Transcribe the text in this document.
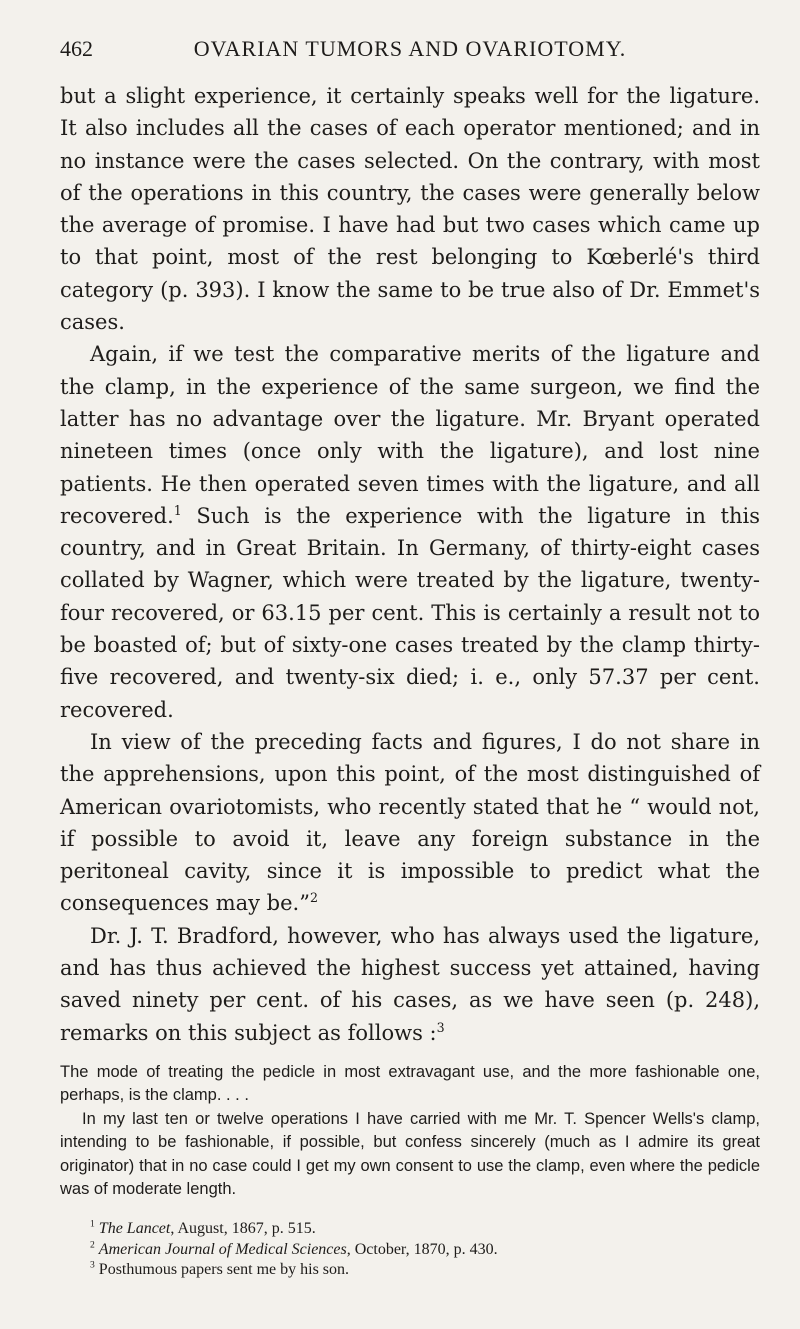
462	OVARIAN TUMORS AND OVARIOTOMY.

but a slight experience, it certainly speaks well for the ligature. It also includes all the cases of each operator mentioned; and in no instance were the cases selected. On the contrary, with most of the operations in this country, the cases were generally below the average of promise. I have had but two cases which came up to that point, most of the rest belonging to Kœberlé's third category (p. 393). I know the same to be true also of Dr. Emmet's cases.

Again, if we test the comparative merits of the ligature and the clamp, in the experience of the same surgeon, we find the latter has no advantage over the ligature. Mr. Bryant operated nineteen times (once only with the ligature), and lost nine patients. He then operated seven times with the ligature, and all recovered.$^1$ Such is the experience with the ligature in this country, and in Great Britain. In Germany, of thirty-eight cases collated by Wagner, which were treated by the ligature, twenty-four recovered, or 63.15 per cent. This is certainly a result not to be boasted of; but of sixty-one cases treated by the clamp thirty-five recovered, and twenty-six died; i. e., only 57.37 per cent. recovered.

In view of the preceding facts and figures, I do not share in the apprehensions, upon this point, of the most distinguished of American ovariotomists, who recently stated that he “ would not, if possible to avoid it, leave any foreign substance in the peritoneal cavity, since it is impossible to predict what the consequences may be.”$^2$

Dr. J. T. Bradford, however, who has always used the ligature, and has thus achieved the highest success yet attained, having saved ninety per cent. of his cases, as we have seen (p. 248), remarks on this subject as follows :$^3$

The mode of treating the pedicle in most extravagant use, and the more fashionable one, perhaps, is the clamp. . . .

In my last ten or twelve operations I have carried with me Mr. T. Spencer Wells's clamp, intending to be fashionable, if possible, but confess sincerely (much as I admire its great originator) that in no case could I get my own consent to use the clamp, even where the pedicle was of moderate length.

$^1$ The Lancet, August, 1867, p. 515.

$^2$ American Journal of Medical Sciences, October, 1870, p. 430.

$^3$ Posthumous papers sent me by his son.
